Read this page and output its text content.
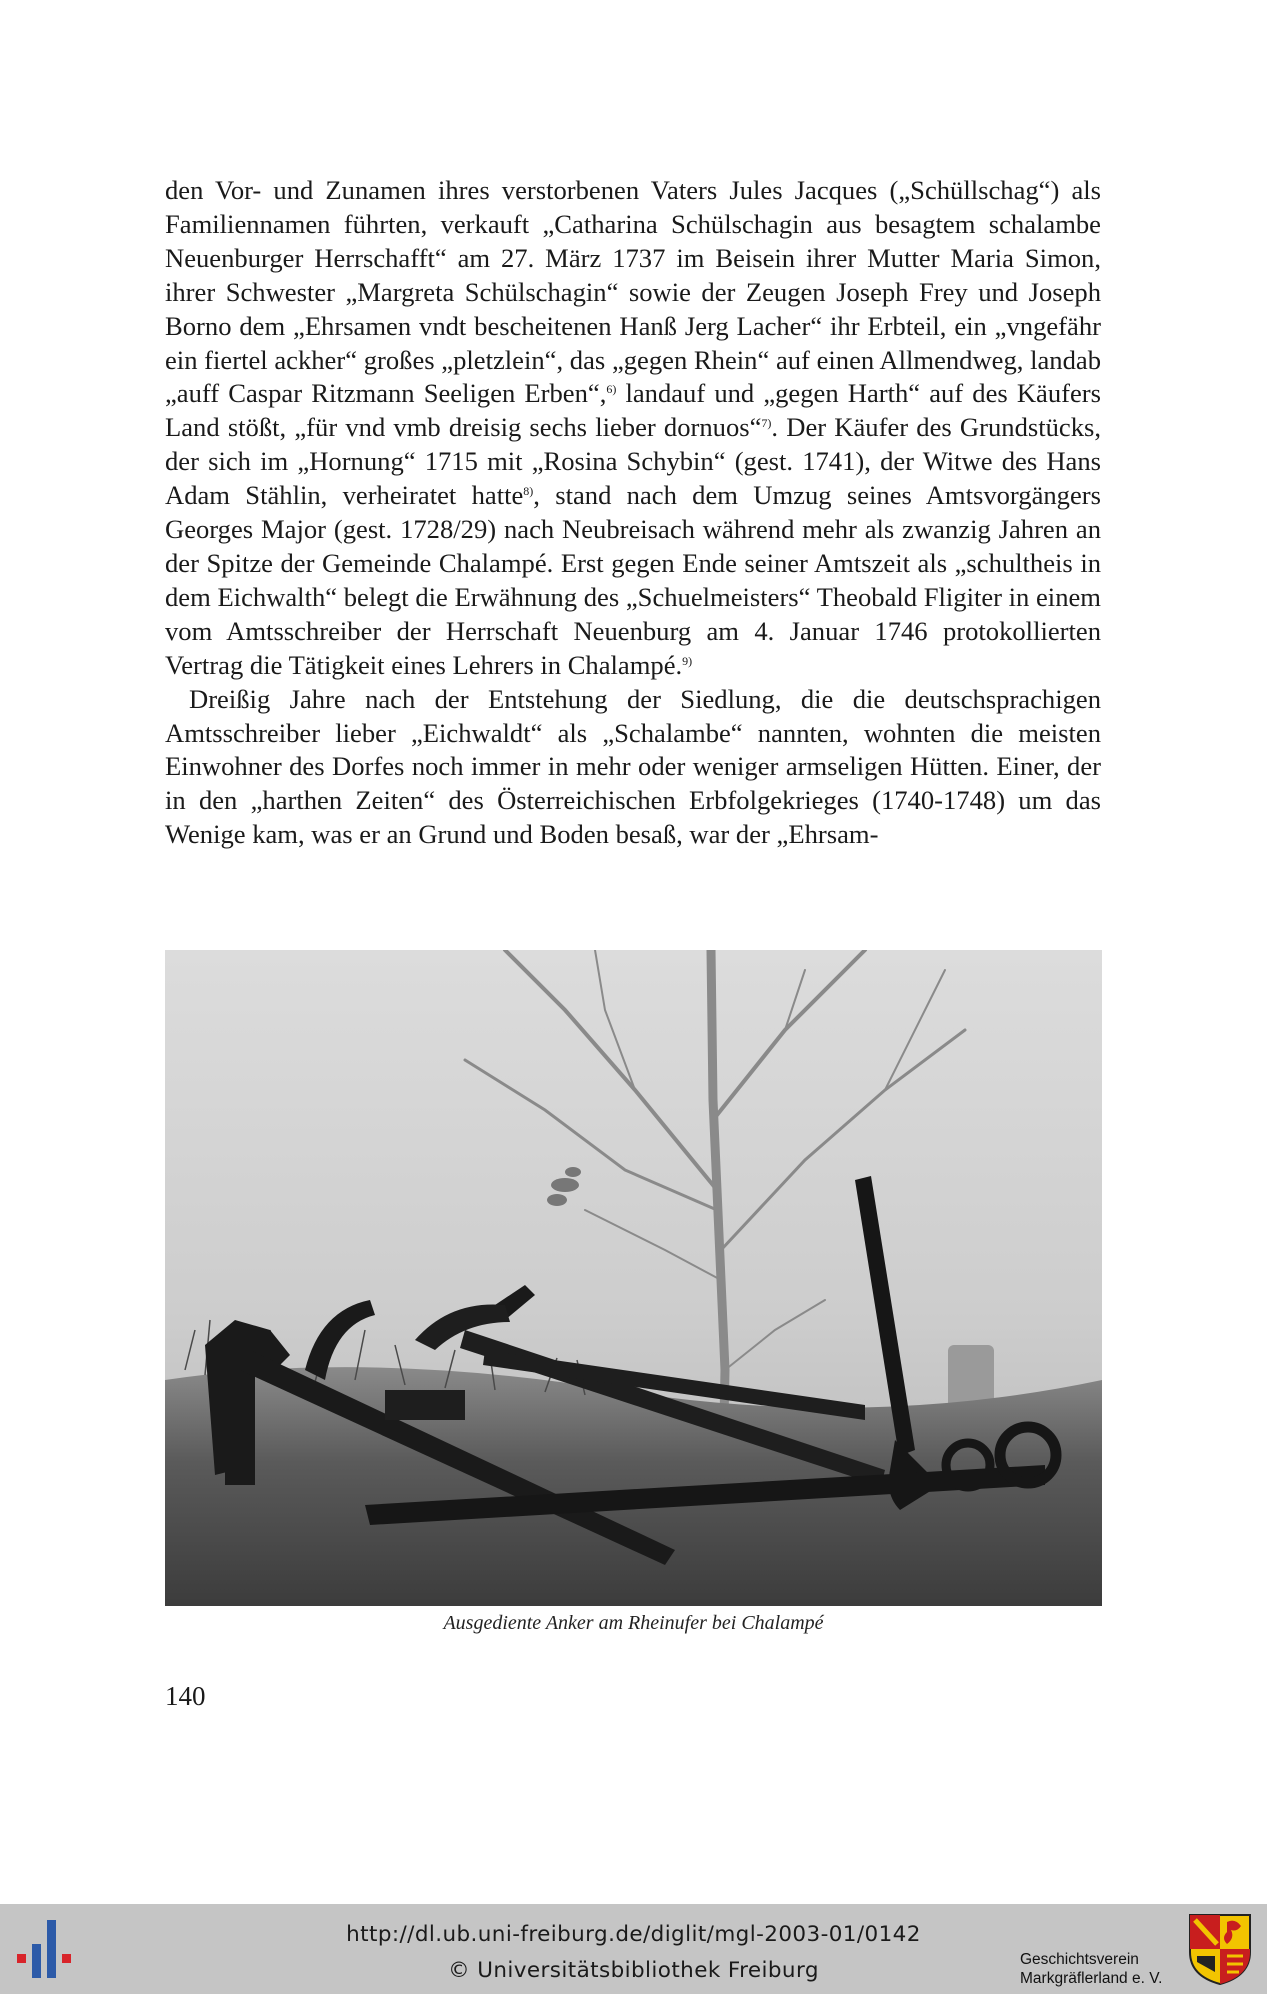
den Vor- und Zunamen ihres verstorbenen Vaters Jules Jacques („Schüllschag“) als Familiennamen führten, verkauft „Catharina Schülschagin aus besagtem schalambe Neuenburger Herrschafft“ am 27. März 1737 im Beisein ihrer Mutter Maria Simon, ihrer Schwester „Margreta Schülschagin“ sowie der Zeugen Joseph Frey und Joseph Borno dem „Ehrsamen vndt bescheitenen Hanß Jerg Lacher“ ihr Erbteil, ein „vngefähr ein fiertel ackher“ großes „pletzlein“, das „gegen Rhein“ auf einen Allmendweg, landab „auff Caspar Ritzmann Seeligen Erben“,$^{6)}$ landauf und „gegen Harth“ auf des Käufers Land stößt, „für vnd vmb dreisig sechs lieber dornuos“$^{7)}$. Der Käufer des Grundstücks, der sich im „Hornung“ 1715 mit „Rosina Schybin“ (gest. 1741), der Witwe des Hans Adam Stählin, verheiratet hatte$^{8)}$, stand nach dem Umzug seines Amtsvorgängers Georges Major (gest. 1728/29) nach Neubreisach während mehr als zwanzig Jahren an der Spitze der Gemeinde Chalampé. Erst gegen Ende seiner Amtszeit als „schultheis in dem Eichwalth“ belegt die Erwähnung des „Schuelmeisters“ Theobald Fligiter in einem vom Amtsschreiber der Herrschaft Neuenburg am 4. Januar 1746 protokollierten Vertrag die Tätigkeit eines Lehrers in Chalampé.$^{9)}$

Dreißig Jahre nach der Entstehung der Siedlung, die die deutschsprachigen Amtsschreiber lieber „Eichwaldt“ als „Schalambe“ nannten, wohnten die meisten Einwohner des Dorfes noch immer in mehr oder weniger armseligen Hütten. Einer, der in den „harthen Zeiten“ des Österreichischen Erbfolgekrieges (1740-1748) um das Wenige kam, was er an Grund und Boden besaß, war der „Ehrsam-

Ausgediente Anker am Rheinufer bei Chalampé
140
http://dl.ub.uni-freiburg.de/diglit/mgl-2003-01/0142
© Universitätsbibliothek Freiburg	Geschichtsverein
Markgräflerland e. V.
